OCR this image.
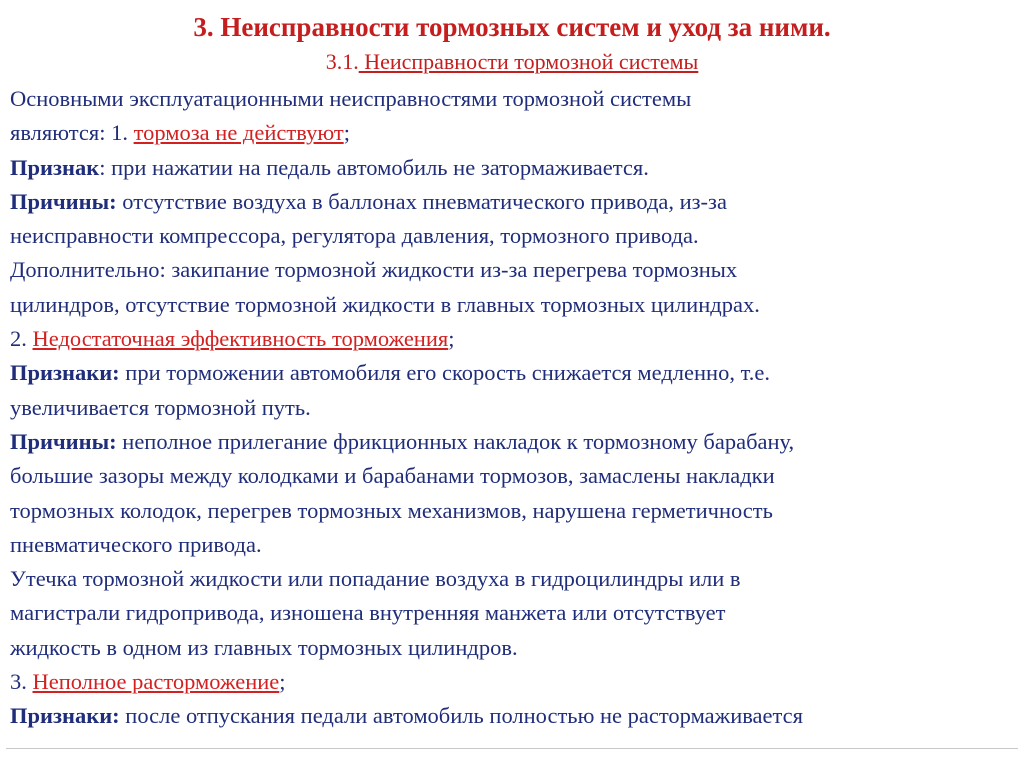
3. Неисправности тормозных систем и уход за ними.
3.1. Неисправности тормозной системы
Основными эксплуатационными неисправностями тормозной системы
являются: 1. тормоза не действуют;
Признак: при нажатии на педаль автомобиль не затормаживается.
Причины: отсутствие воздуха в баллонах пневматического привода, из-за
неисправности компрессора, регулятора давления, тормозного привода.
Дополнительно: закипание тормозной жидкости из-за перегрева тормозных
цилиндров, отсутствие тормозной жидкости в главных тормозных цилиндрах.
2. Недостаточная эффективность торможения;
Признаки: при торможении автомобиля его скорость снижается медленно, т.е.
увеличивается тормозной путь.
Причины: неполное прилегание фрикционных накладок к тормозному барабану,
большие зазоры между колодками и барабанами тормозов, замаслены накладки
тормозных колодок, перегрев тормозных механизмов, нарушена герметичность
пневматического привода.
Утечка тормозной жидкости или попадание воздуха в гидроцилиндры или в
магистрали гидропривода, изношена внутренняя манжета или отсутствует
жидкость в одном из главных тормозных цилиндров.
3. Неполное расторможение;
Признаки: после отпускания педали автомобиль полностью не растормаживается
